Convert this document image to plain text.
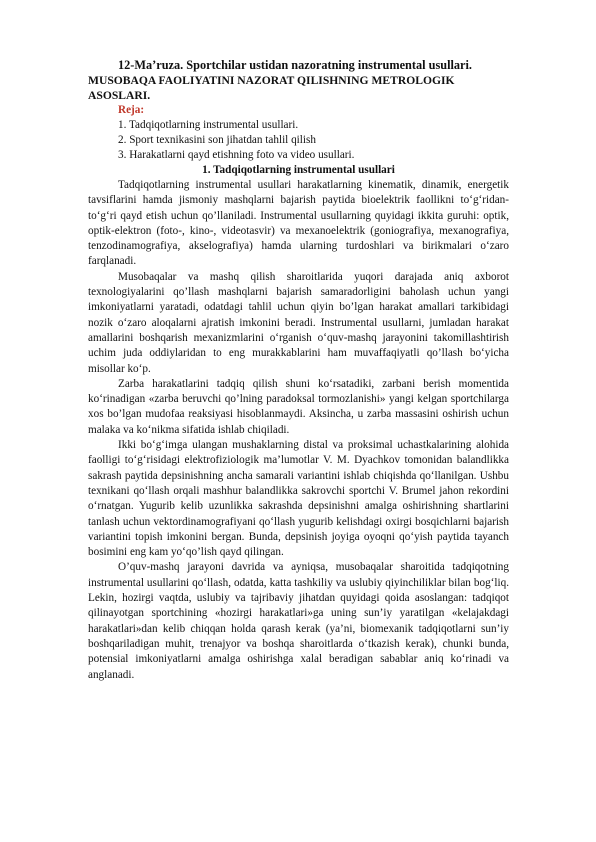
12-Ma’ruza. Sportchilar ustidan nazoratning instrumental usullari.

MUSOBAQA FAOLIYATINI NAZORAT QILISHNING METROLOGIK ASOSLARI.

Reja:

1. Tadqiqotlarning instrumental usullari.

2. Sport texnikasini son jihatdan tahlil qilish

3. Harakatlarni qayd etishning foto va video usullari.

1. Tadqiqotlarning instrumental usullari

Tadqiqotlarning instrumental usullari harakatlarning kinematik, dinamik, energetik tavsiflarini hamda jismoniy mashqlarni bajarish paytida bioelektrik faollikni to‘g‘ridan-to‘g‘ri qayd etish uchun qo’llaniladi. Instrumental usullarning quyidagi ikkita guruhi: optik, optik-elektron (foto-, kino-, videotasvir) va mexanoelektrik (goniografiya, mexanografiya, tenzodinamografiya, akselografiya) hamda ularning turdoshlari va birikmalari o‘zaro farqlanadi.

Musobaqalar va mashq qilish sharoitlarida yuqori darajada aniq axborot texnologiyalarini qo’llash mashqlarni bajarish samaradorligini baholash uchun yangi imkoniyatlarni yaratadi, odatdagi tahlil uchun qiyin bo’lgan harakat amallari tarkibidagi nozik o‘zaro aloqalarni ajratish imkonini beradi. Instrumental usullarni, jumladan harakat amallarini boshqarish mexanizmlarini o‘rganish o‘quv-mashq jarayonini takomillashtirish uchim juda oddiylaridan to eng murakkablarini ham muvaffaqiyatli qo’llash bo‘yicha misollar ko‘p.

Zarba harakatlarini tadqiq qilish shuni ko‘rsatadiki, zarbani berish momentida ko‘rinadigan «zarba beruvchi qo’lning paradoksal tormozlanishi» yangi kelgan sportchilarga xos bo’lgan mudofaa reaksiyasi hisoblanmaydi. Aksincha, u zarba massasini oshirish uchun malaka va ko‘nikma sifatida ishlab chiqiladi.

Ikki bo‘g‘imga ulangan mushaklarning distal va proksimal uchastkalarining alohida faolligi to‘g‘risidagi elektrofiziologik ma’lumotlar V. M. Dyachkov tomonidan balandlikka sakrash paytida depsinishning ancha samarali variantini ishlab chiqishda qo‘llanilgan. Ushbu texnikani qo‘llash orqali mashhur balandlikka sakrovchi sportchi V. Brumel jahon rekordini o‘rnatgan. Yugurib kelib uzunlikka sakrashda depsinishni amalga oshirishning shartlarini tanlash uchun vektordinamografiyani qo‘llash yugurib kelishdagi oxirgi bosqichlarni bajarish variantini topish imkonini bergan. Bunda, depsinish joyiga oyoqni qo‘yish paytida tayanch bosimini eng kam yo‘qo’lish qayd qilingan.

O’quv-mashq jarayoni davrida va ayniqsa, musobaqalar sharoitida tadqiqotning instrumental usullarini qo‘llash, odatda, katta tashkiliy va uslubiy qiyinchiliklar bilan bog‘liq. Lekin, hozirgi vaqtda, uslubiy va tajribaviy jihatdan quyidagi qoida asoslangan: tadqiqot qilinayotgan sportchining «hozirgi harakatlari»ga uning sun’iy yaratilgan «kelajakdagi harakatlari»dan kelib chiqqan holda qarash kerak (ya’ni, biomexanik tadqiqotlarni sun’iy boshqariladigan muhit, trenajyor va boshqa sharoitlarda o‘tkazish kerak), chunki bunda, potensial imkoniyatlarni amalga oshirishga xalal beradigan sabablar aniq ko‘rinadi va anglanadi.
